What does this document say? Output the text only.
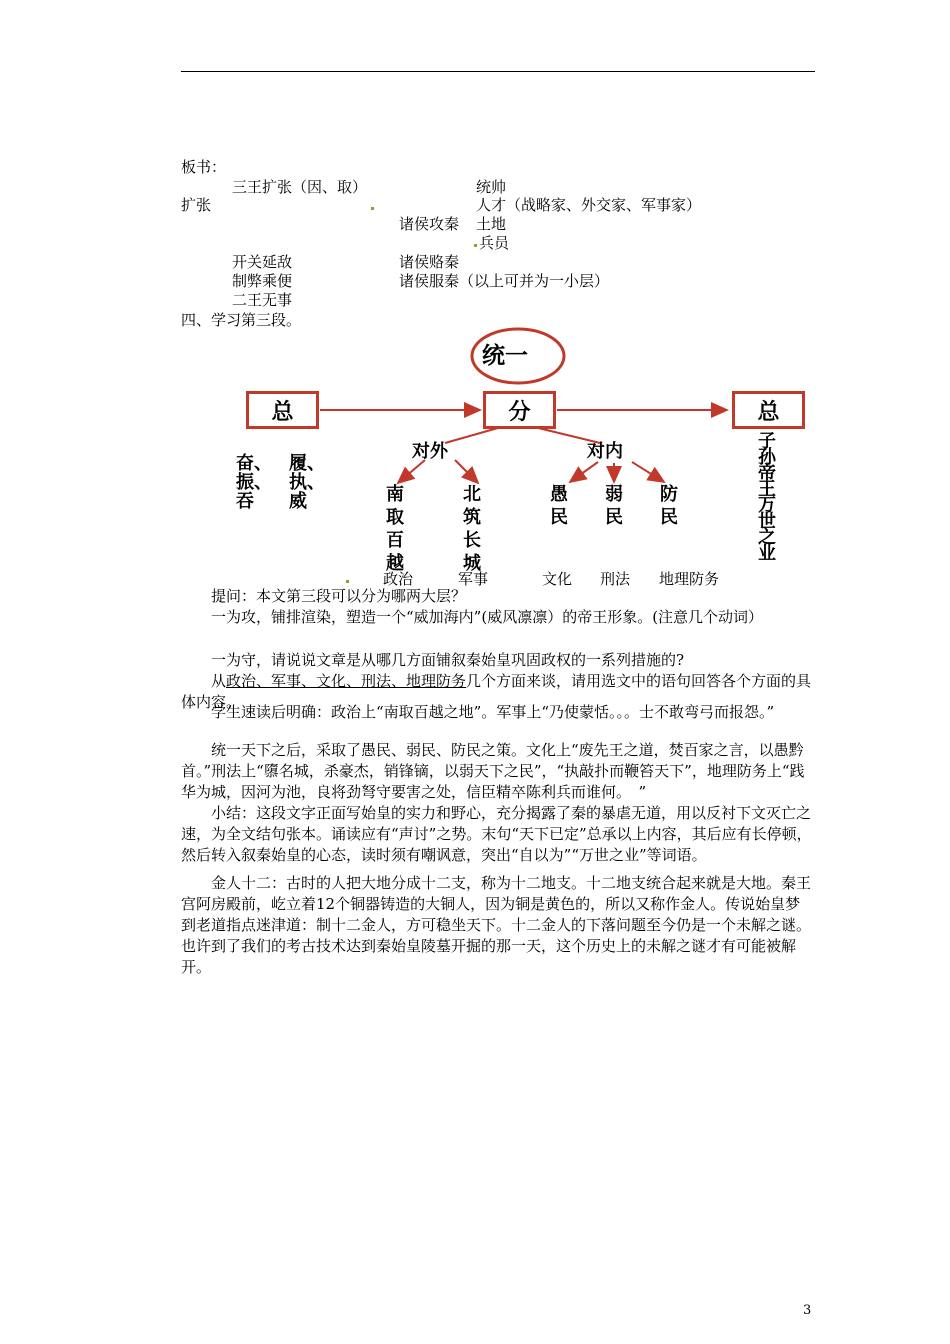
板书：
三王扩张（因、取）	统帅
扩张	人才（战略家、外交家、军事家）
诸侯攻秦 土地
兵员
开关延敌	诸侯赂秦
制弊乘便	诸侯服秦（以上可并为一小层）
二王无事
四、学习第三段。
统一
总	分	总
奋、
振、
吞
履、
执、
威
对外	对内
南取百越
北筑长城
愚民
弱民
防民
子孙帝王万世之业
政治	军事	文化 刑法 地理防务
提问：本文第三段可以分为哪两大层？
一为攻，铺排渲染，塑造一个“威加海内”(威风凛凛）的帝王形象。(注意几个动词）
一为守，请说说文章是从哪几方面铺叙秦始皇巩固政权的一系列措施的?
从政治、军事、文化、刑法、地理防务几个方面来谈，请用选文中的语句回答各个方面的具体内容。
学生速读后明确：政治上“南取百越之地”。军事上“乃使蒙恬。。。士不敢弯弓而报怨。”
统一天下之后，采取了愚民、弱民、防民之策。文化上“废先王之道，焚百家之言，以愚黔首。”刑法上“隳名城，杀豪杰，销锋镝，以弱天下之民”，“执敲扑而鞭笞天下”，地理防务上“践华为城，因河为池，良将劲弩守要害之处，信臣精卒陈利兵而谁何。　”
小结：这段文字正面写始皇的实力和野心，充分揭露了秦的暴虐无道，用以反衬下文灭亡之速，为全文结句张本。诵读应有“声讨”之势。末句“天下已定”总承以上内容，其后应有长停顿，然后转入叙秦始皇的心态，读时须有嘲讽意，突出“自以为”“万世之业”等词语。
金人十二：古时的人把大地分成十二支，称为十二地支。十二地支统合起来就是大地。秦王宫阿房殿前，屹立着12个铜器铸造的大铜人，因为铜是黄色的，所以又称作金人。传说始皇梦到老道指点迷津道：制十二金人，方可稳坐天下。十二金人的下落问题至今仍是一个未解之谜。也许到了我们的考古技术达到秦始皇陵墓开掘的那一天，这个历史上的未解之谜才有可能被解开。
3
